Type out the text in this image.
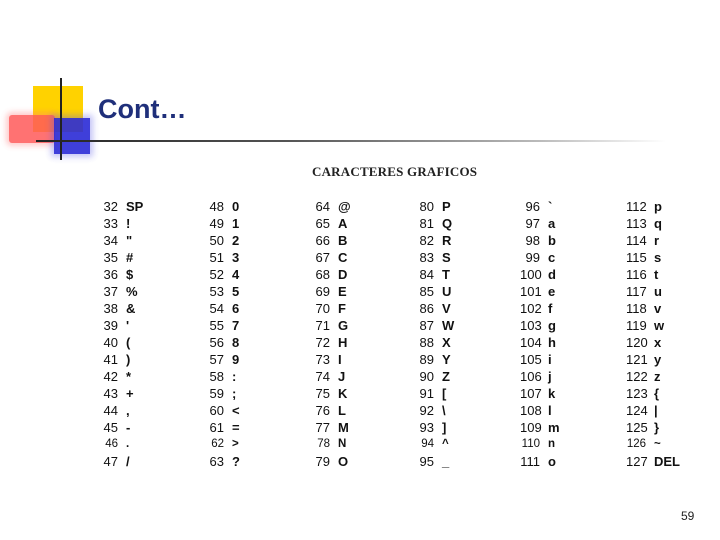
Cont…
CARACTERES GRAFICOS
32 SP
33 !
34 "
35 #
36 $
37 %
38 &
39 '
40 (
41 )
42 *
43 +
44 ,
45 -
46 .
47 /
48 0
49 1
50 2
51 3
52 4
53 5
54 6
55 7
56 8
57 9
58 :
59 ;
60 <
61 =
62 >
63 ?
64 @
65 A
66 B
67 C
68 D
69 E
70 F
71 G
72 H
73 I
74 J
75 K
76 L
77 M
78 N
79 O
80 P
81 Q
82 R
83 S
84 T
85 U
86 V
87 W
88 X
89 Y
90 Z
91 [
92 \
93 ]
94 ^
95 _
96 `
97 a
98 b
99 c
100 d
101 e
102 f
103 g
104 h
105 i
106 j
107 k
108 l
109 m
110 n
111 o
112 p
113 q
114 r
115 s
116 t
117 u
118 v
119 w
120 x
121 y
122 z
123 {
124 |
125 }
126 ~
127 DEL
59
